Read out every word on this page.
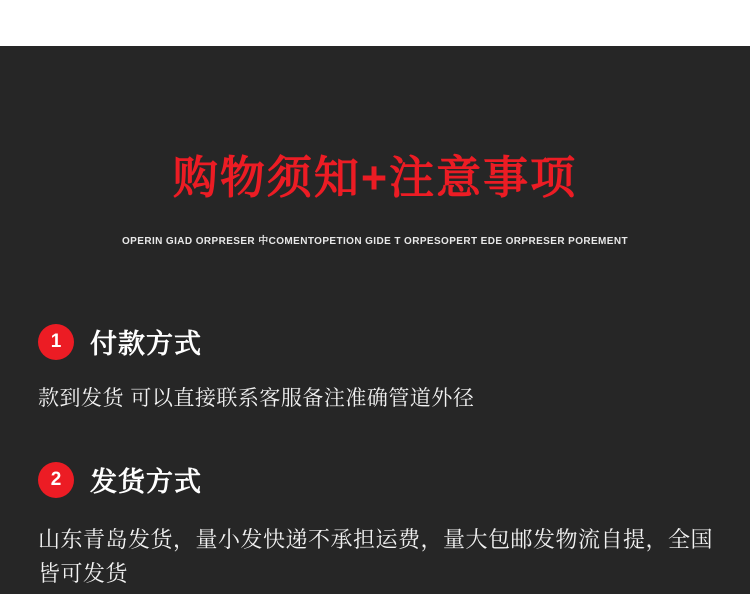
购物须知+注意事项
OPERIN GIAD ORPRESER 中COMENTOPETION GIDE T ORPESOPERT EDE ORPRESER POREMENT
1	付款方式
款到发货 可以直接联系客服备注准确管道外径
2	发货方式
山东青岛发货，量小发快递不承担运费，量大包邮发物流自提，全国皆可发货
